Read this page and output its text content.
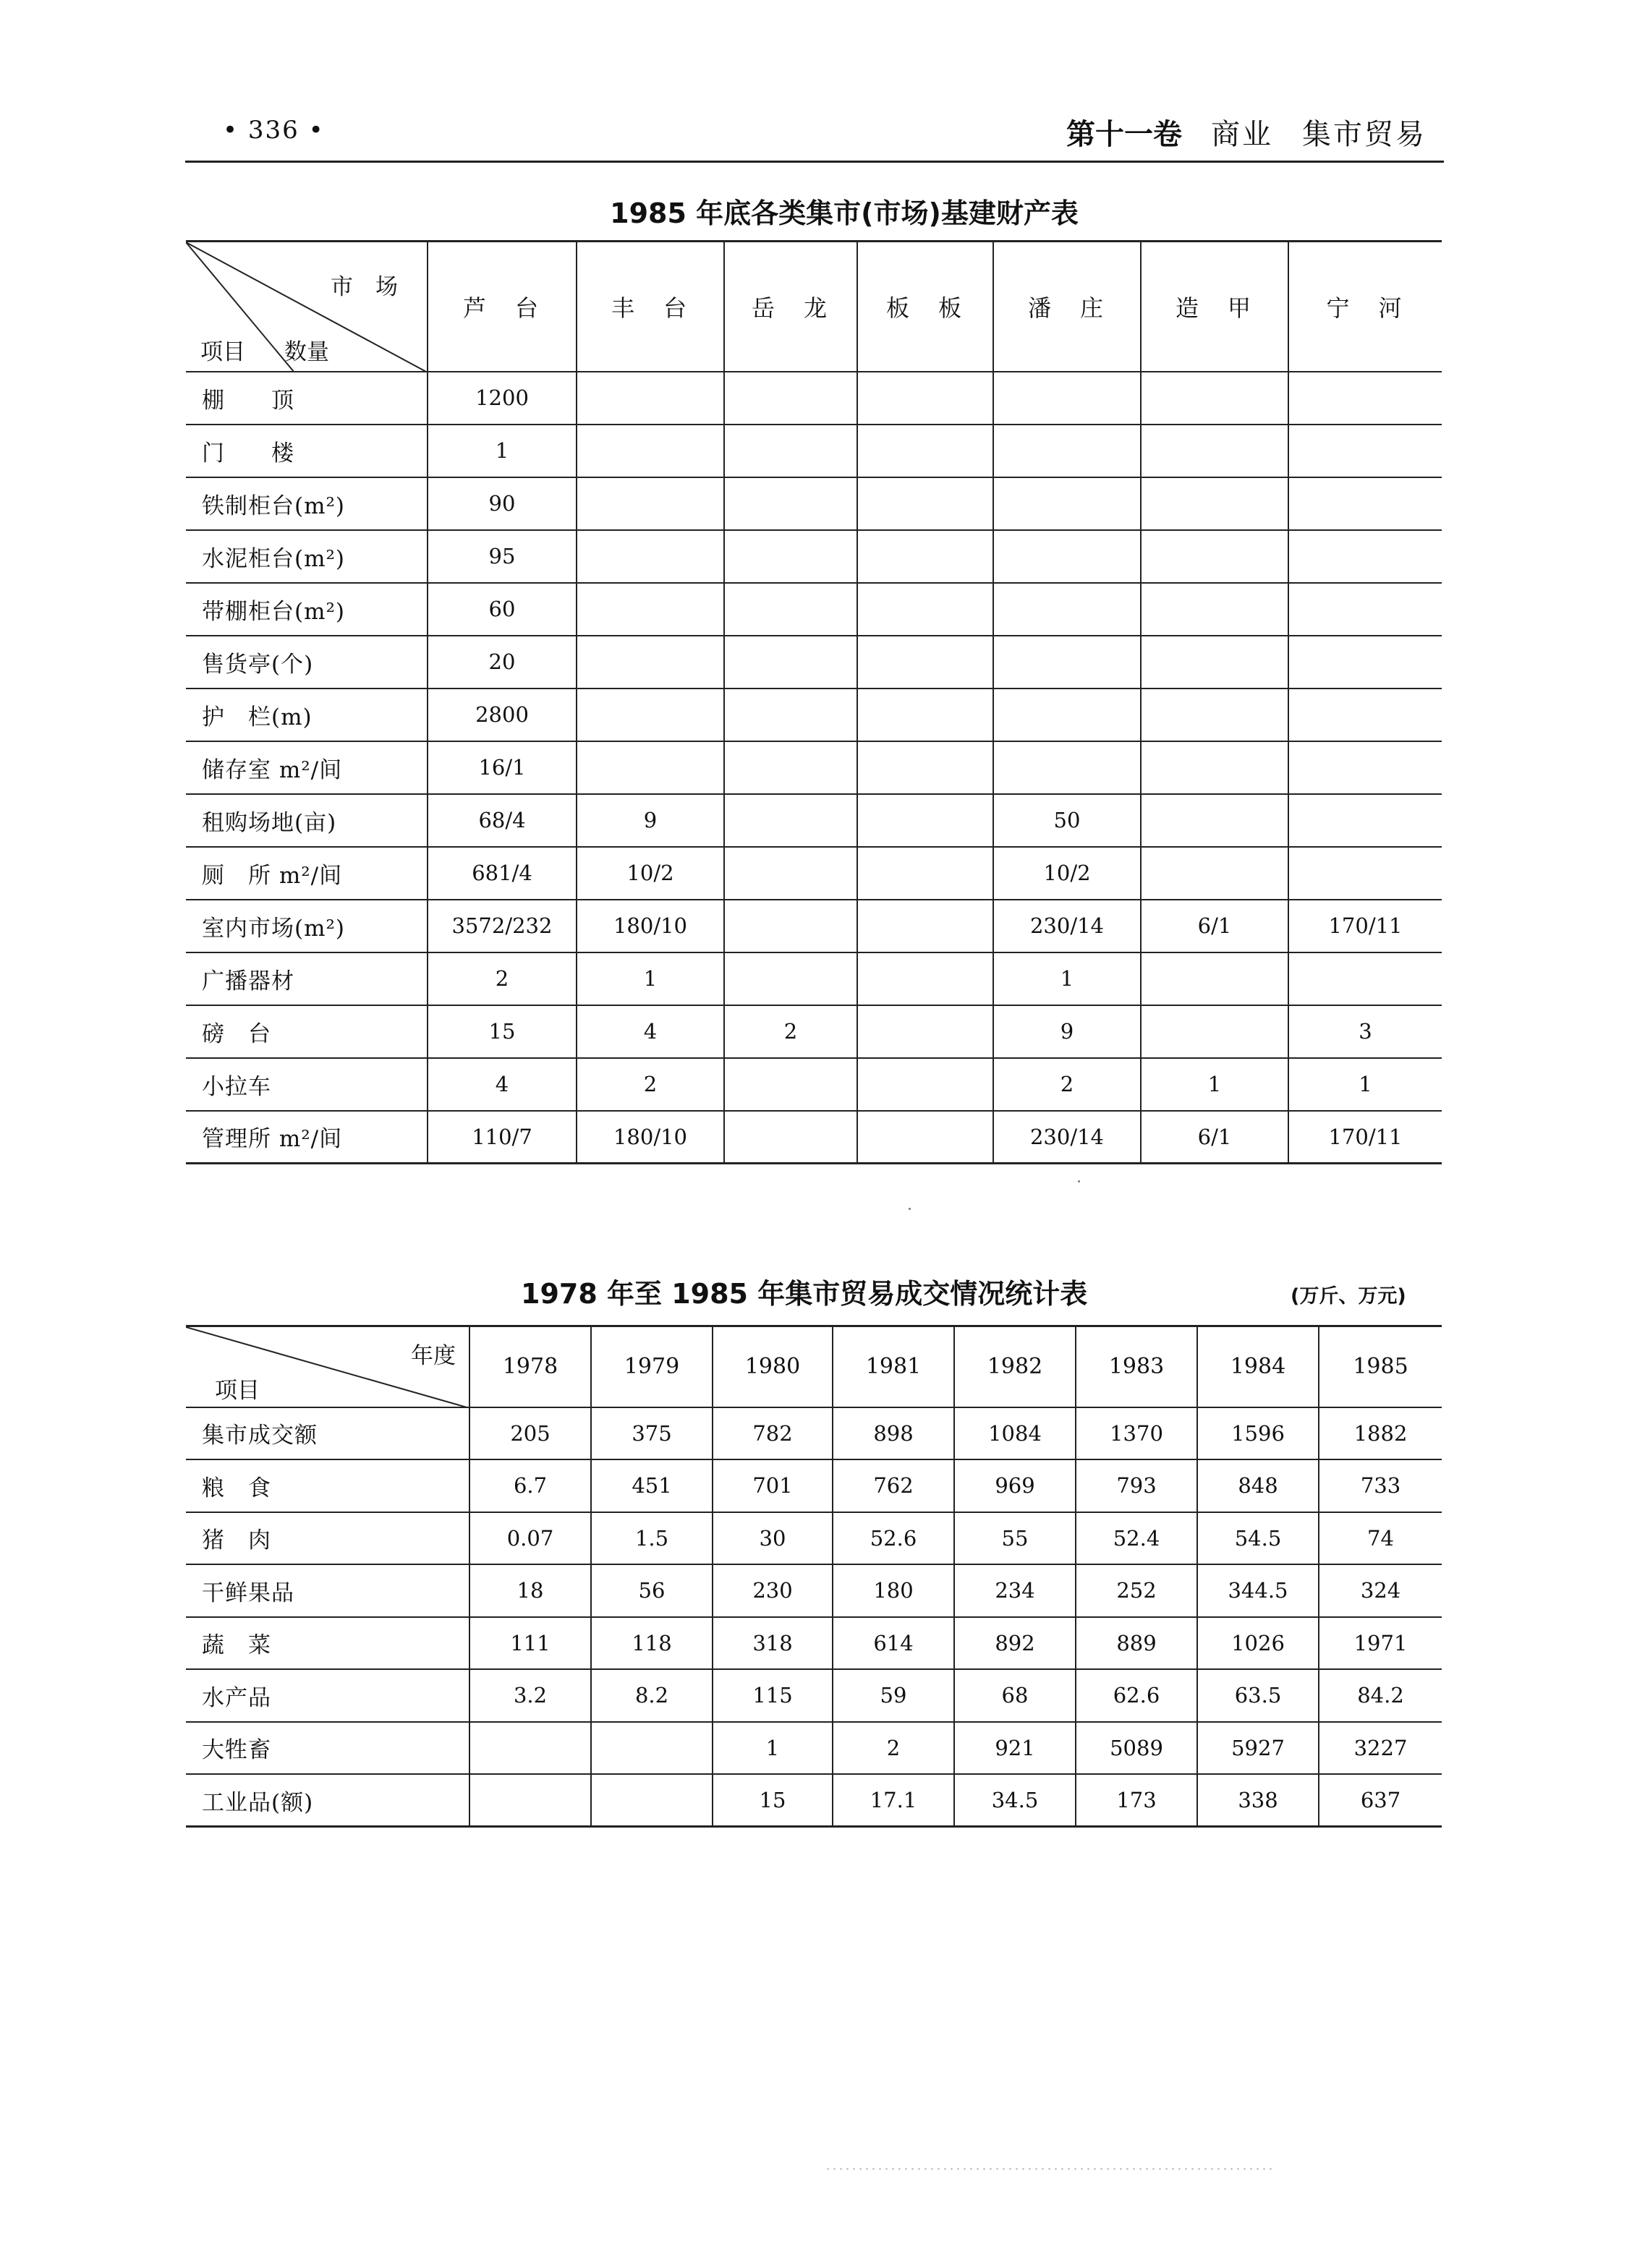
• 336 •	第十一卷 商业 集市贸易
1985 年底各类集市(市场)基建财产表
市　场
数量
项目	芦　台	丰　台	岳　龙	板　板	潘　庄	造　甲	宁　河
棚　　顶	1200						
门　　楼	1						
铁制柜台(m²)	90						
水泥柜台(m²)	95						
带棚柜台(m²)	60						
售货亭(个)	20						
护　栏(m)	2800						
储存室 m²/间	16/1						
租购场地(亩)	68/4	9			50		
厕　所 m²/间	681/4	10/2			10/2		
室内市场(m²)	3572/232	180/10			230/14	6/1	170/11
广播器材	2	1			1		
磅　台	15	4	2		9		3
小拉车	4	2			2	1	1
管理所 m²/间	110/7	180/10			230/14	6/1	170/11
1978 年至 1985 年集市贸易成交情况统计表	(万斤、万元)
年度
项目	1978	1979	1980	1981	1982	1983	1984	1985
集市成交额	205	375	782	898	1084	1370	1596	1882
粮　食	6.7	451	701	762	969	793	848	733
猪　肉	0.07	1.5	30	52.6	55	52.4	54.5	74
干鲜果品	18	56	230	180	234	252	344.5	324
蔬　菜	111	118	318	614	892	889	1026	1971
水产品	3.2	8.2	115	59	68	62.6	63.5	84.2
大牲畜			1	2	921	5089	5927	3227
工业品(额)			15	17.1	34.5	173	338	637
